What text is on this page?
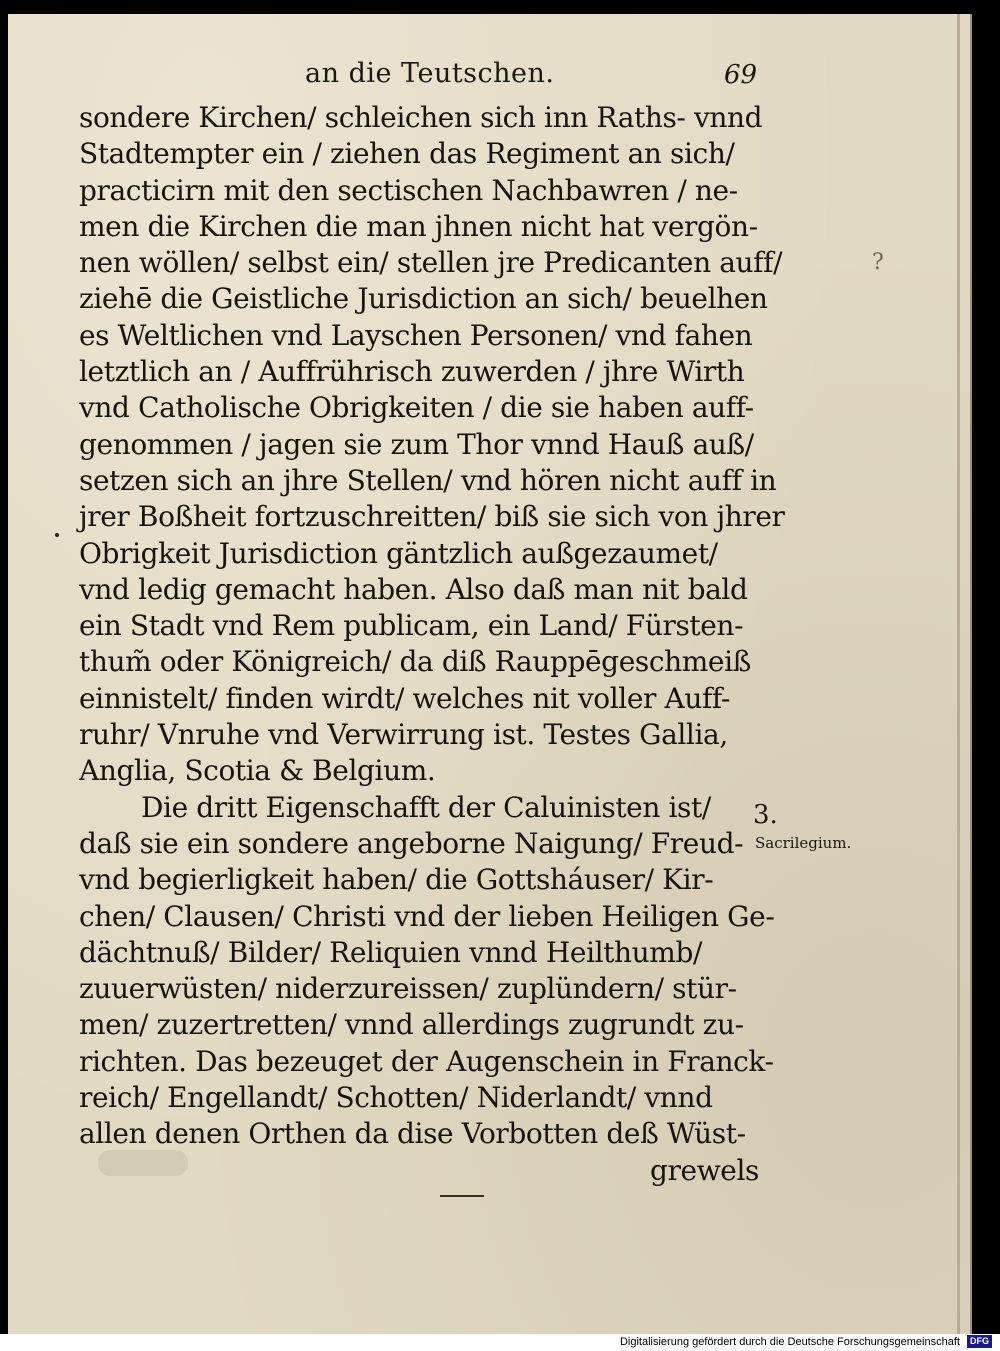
an die Teutschen.	69
?
sondere Kirchen/ schleichen sich inn Raths- vnnd
Stadtempter ein / ziehen das Regiment an sich/
practicirn mit den sectischen Nachbawren / ne-
men die Kirchen die man jhnen nicht hat vergön-
nen wöllen/ selbst ein/ stellen jre Predicanten auff/
ziehē die Geistliche Jurisdiction an sich/ beuelhen
es Weltlichen vnd Layschen Personen/ vnd fahen
letztlich an / Auffrührisch zuwerden / jhre Wirth
vnd Catholische Obrigkeiten / die sie haben auff-
genommen / jagen sie zum Thor vnnd Hauß auß/
setzen sich an jhre Stellen/ vnd hören nicht auff in
jrer Boßheit fortzuschreitten/ biß sie sich von jhrer
Obrigkeit Jurisdiction gäntzlich außgezaumet/
vnd ledig gemacht haben. Also daß man nit bald
ein Stadt vnd Rem publicam, ein Land/ Fürsten-
thum̃ oder Königreich/ da diß Rauppēgeschmeiß
einnistelt/ finden wirdt/ welches nit voller Auff-
ruhr/ Vnruhe vnd Verwirrung ist. Testes Gallia,
Anglia, Scotia & Belgium.
Die dritt Eigenschafft der Caluinisten ist/
daß sie ein sondere angeborne Naigung/ Freud-
vnd begierligkeit haben/ die Gottsháuser/ Kir-
chen/ Clausen/ Christi vnd der lieben Heiligen Ge-
dächtnuß/ Bilder/ Reliquien vnnd Heilthumb/
zuuerwüsten/ niderzureissen/ zuplündern/ stür-
men/ zuzertretten/ vnnd allerdings zugrundt zu-
richten. Das bezeuget der Augenschein in Franck-
reich/ Engellandt/ Schotten/ Niderlandt/ vnnd
allen denen Orthen da dise Vorbotten deß Wüst-
grewels
3.
Sacrilegium.
Digitalisierung gefördert durch die Deutsche Forschungsgemeinschaft DFG
